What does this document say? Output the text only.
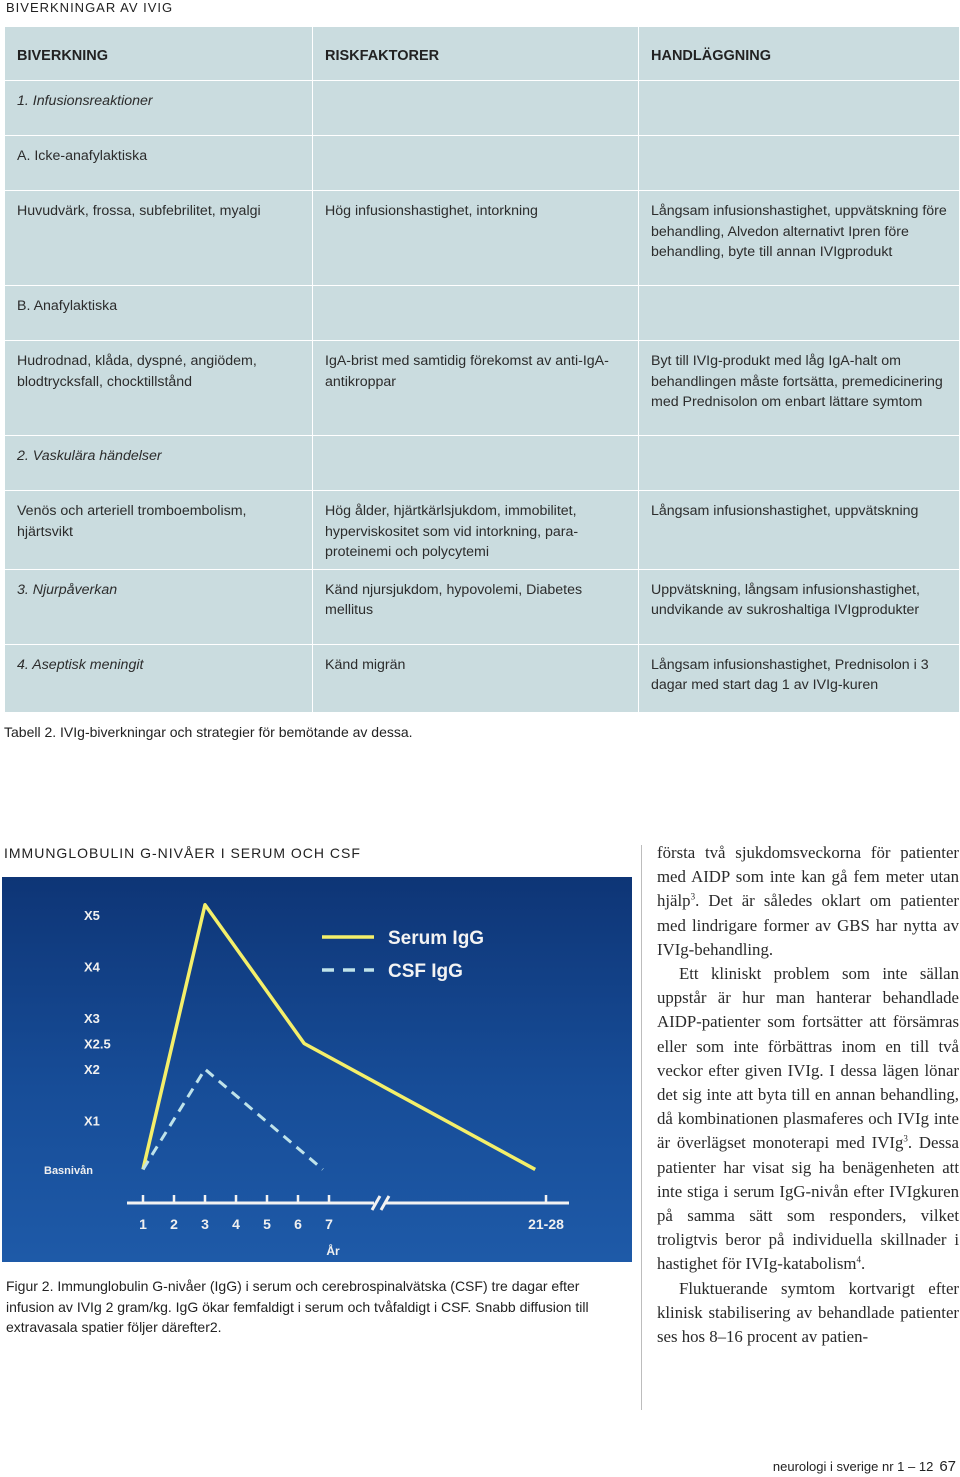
BIVERKNINGAR AV IVIG
BIVERKNING	RISKFAKTORER	HANDLÄGGNING
1. Infusionsreaktioner		
A. Icke-anafylaktiska		
Huvudvärk, frossa, subfebrilitet, myalgi	Hög infusionshastighet, intorkning	Långsam infusionshastighet, uppvätskning före behandling, Alvedon alternativt Ipren före behandling, byte till annan IVIgprodukt
B. Anafylaktiska		
Hudrodnad, klåda, dyspné, angiödem, blodtrycksfall, chocktillstånd	IgA-brist med samtidig förekomst av anti-IgA-antikroppar	Byt till IVIg-produkt med låg IgA-halt om behandlingen måste fortsätta, premedicinering med Prednisolon om enbart lättare symtom
2. Vaskulära händelser		
Venös och arteriell tromboembolism, hjärtsvikt	Hög ålder, hjärtkärlsjukdom, immobilitet, hyperviskositet som vid intorkning, paraproteinemi och polycytemi	Långsam infusionshastighet, uppvätskning
3. Njurpåverkan	Känd njursjukdom, hypovolemi, Diabetes mellitus	Uppvätskning, långsam infusionshastighet, undvikande av sukroshaltiga IVIgprodukter
4. Aseptisk meningit	Känd migrän	Långsam infusionshastighet, Prednisolon i 3 dagar med start dag 1 av IVIg-kuren
Tabell 2. IVIg-biverkningar och strategier för bemötande av dessa.
IMMUNGLOBULIN G-NIVÅER I SERUM OCH CSF
1 2 3 4 5 6 7	21-28
År
Basnivån
X1
X2
X2.5
X3
X4
X5
Serum IgG
CSF IgG
Figur 2. Immunglobulin G-nivåer (IgG) i serum och cerebrospinalvätska (CSF) tre dagar efter infusion av IVIg 2 gram/kg. IgG ökar femfaldigt i serum och tvåfaldigt i CSF. Snabb diffusion till extravasala spatier följer därefter2.

första två sjukdomsveckorna för patienter med AIDP som inte kan gå fem meter utan hjälp$^3$. Det är således oklart om patienter med lindrigare former av GBS har nytta av IVIg-behandling.

Ett kliniskt problem som inte sällan uppstår är hur man hanterar behandlade AIDP-patienter som fortsätter att försämras eller som inte förbättras inom en till två veckor efter given IVIg. I dessa lägen lönar det sig inte att byta till en annan behandling, då kombinationen plasmaferes och IVIg inte är överlägset monoterapi med IVIg$^3$. Dessa patienter har visat sig ha benägenheten att inte stiga i serum IgG-nivån efter IVIgkuren på samma sätt som responders, vilket troligtvis beror på individuella skillnader i hastighet för IVIg-katabolism$^4$.

Fluktuerande symtom kortvarigt efter klinisk stabilisering av behandlade patienter ses hos 8–16 procent av patien-

neurologi i sverige nr 1 – 12 67
